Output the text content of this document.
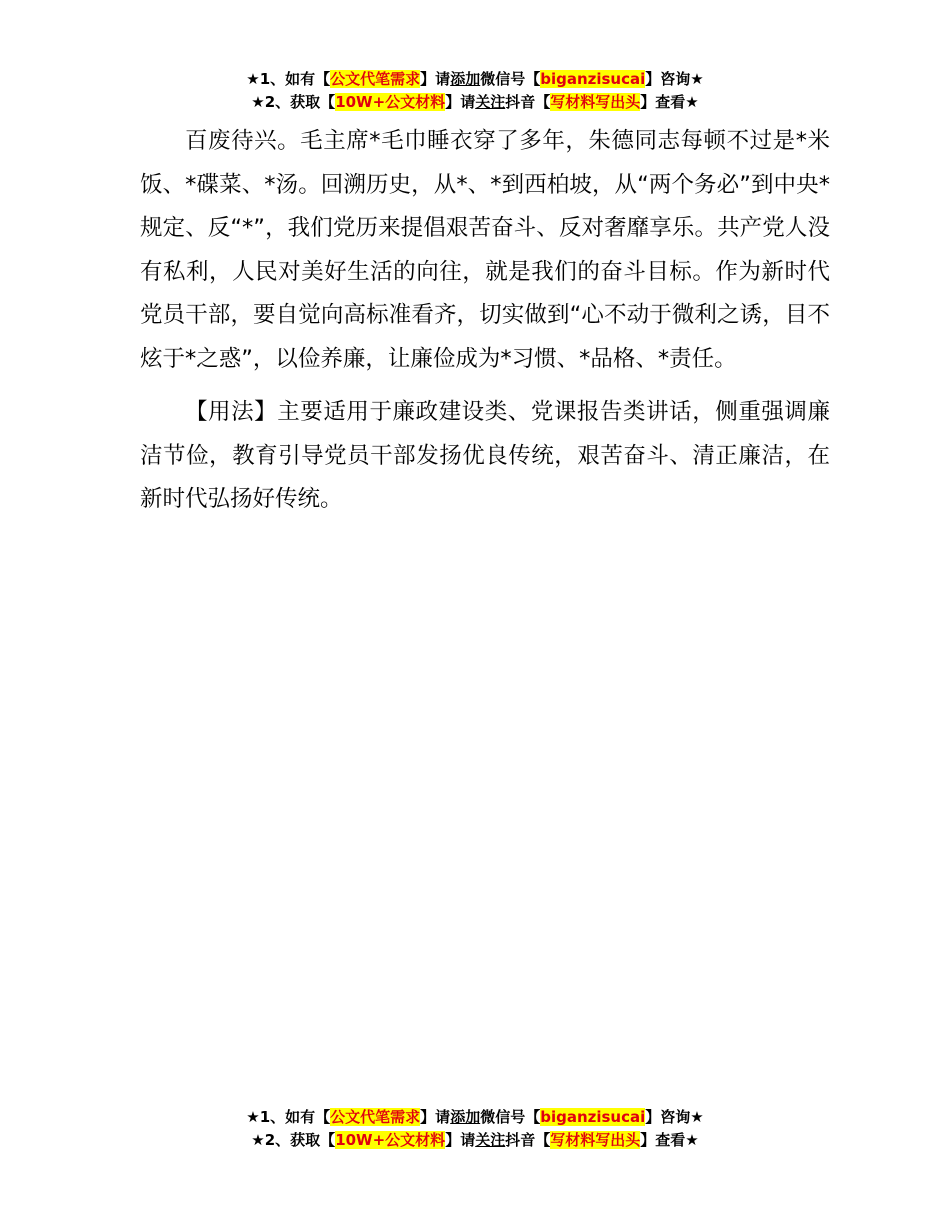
★1、如有【公文代笔需求】请添加微信号【biganzisucai】咨询★
★2、获取【10W+公文材料】请关注抖音【写材料写出头】查看★

百废待兴。毛主席*毛巾睡衣穿了多年，朱德同志每顿不过是*米饭、*碟菜、*汤。回溯历史，从*、*到西柏坡，从“两个务必”到中央*规定、反“*”，我们党历来提倡艰苦奋斗、反对奢靡享乐。共产党人没有私利，人民对美好生活的向往，就是我们的奋斗目标。作为新时代党员干部，要自觉向高标准看齐，切实做到“心不动于微利之诱，目不炫于*之惑”，以俭养廉，让廉俭成为*习惯、*品格、*责任。

【用法】主要适用于廉政建设类、党课报告类讲话，侧重强调廉洁节俭，教育引导党员干部发扬优良传统，艰苦奋斗、清正廉洁，在新时代弘扬好传统。

★1、如有【公文代笔需求】请添加微信号【biganzisucai】咨询★
★2、获取【10W+公文材料】请关注抖音【写材料写出头】查看★
